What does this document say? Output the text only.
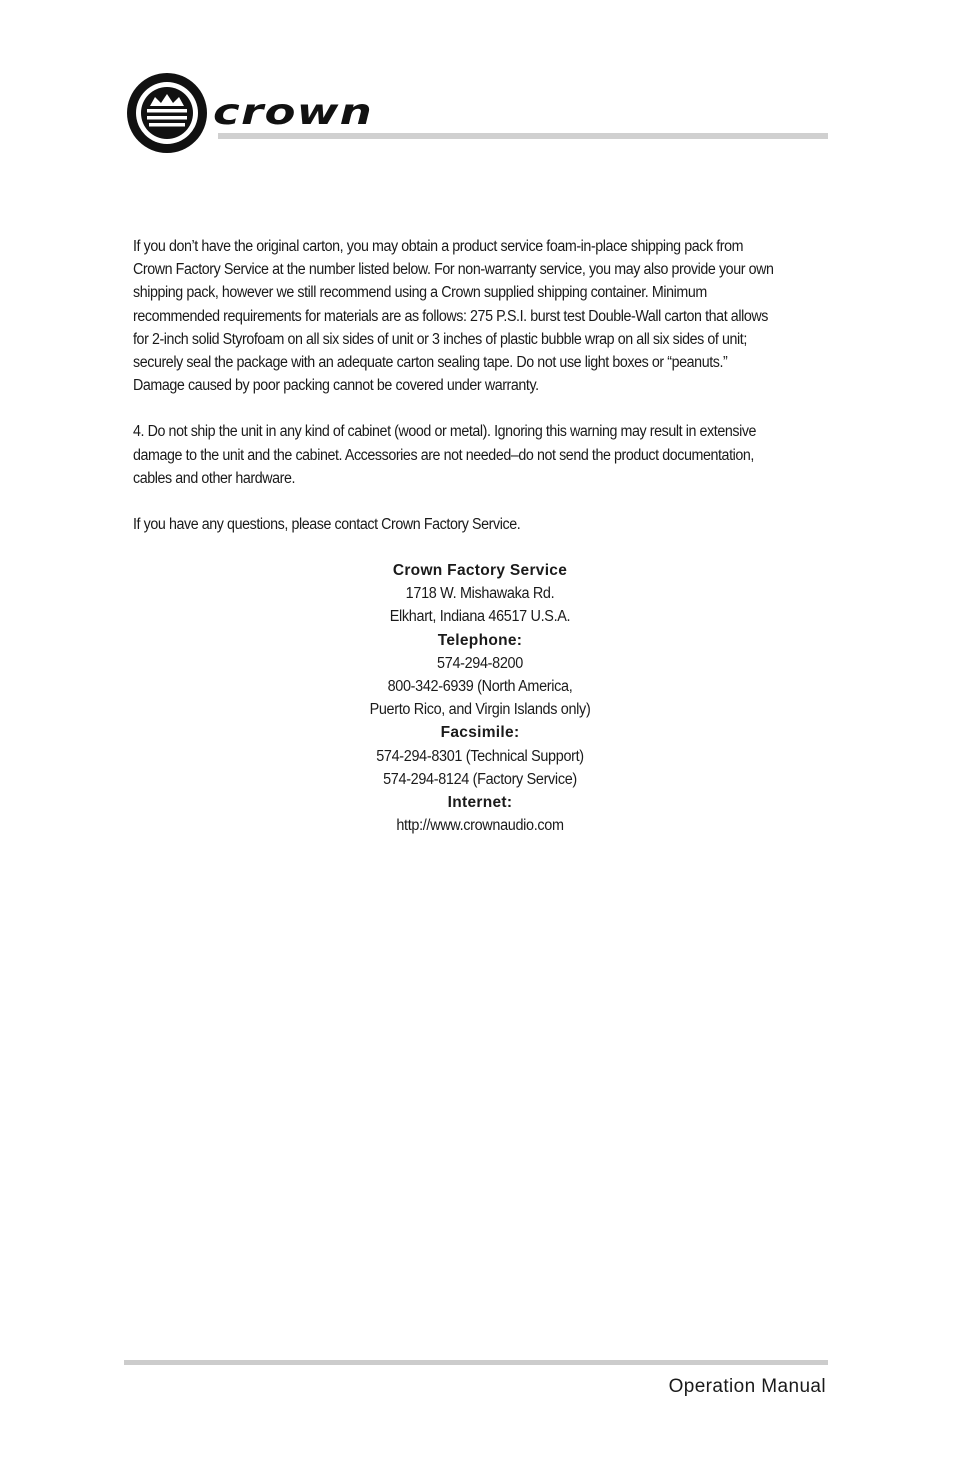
crown

If you don’t have the original carton, you may obtain a product service foam-in-place shipping pack from Crown Factory Service at the number listed below. For non-warranty service, you may also provide your own shipping pack, however we still recommend using a Crown supplied shipping container. Minimum recommended requirements for materials are as follows: 275 P.S.I. burst test Double-Wall carton that allows for 2-inch solid Styrofoam on all six sides of unit or 3 inches of plastic bubble wrap on all six sides of unit; securely seal the package with an adequate carton sealing tape. Do not use light boxes or “peanuts.” Damage caused by poor packing cannot be covered under warranty.

4. Do not ship the unit in any kind of cabinet (wood or metal). Ignoring this warning may result in extensive damage to the unit and the cabinet. Accessories are not needed–do not send the product documentation, cables and other hardware.

If you have any questions, please contact Crown Factory Service.

Crown Factory Service
1718 W. Mishawaka Rd.
Elkhart, Indiana 46517 U.S.A.
Telephone:
574-294-8200
800-342-6939 (North America,
Puerto Rico, and Virgin Islands only)
Facsimile:
574-294-8301 (Technical Support)
574-294-8124 (Factory Service)
Internet:
http://www.crownaudio.com
Operation Manual
